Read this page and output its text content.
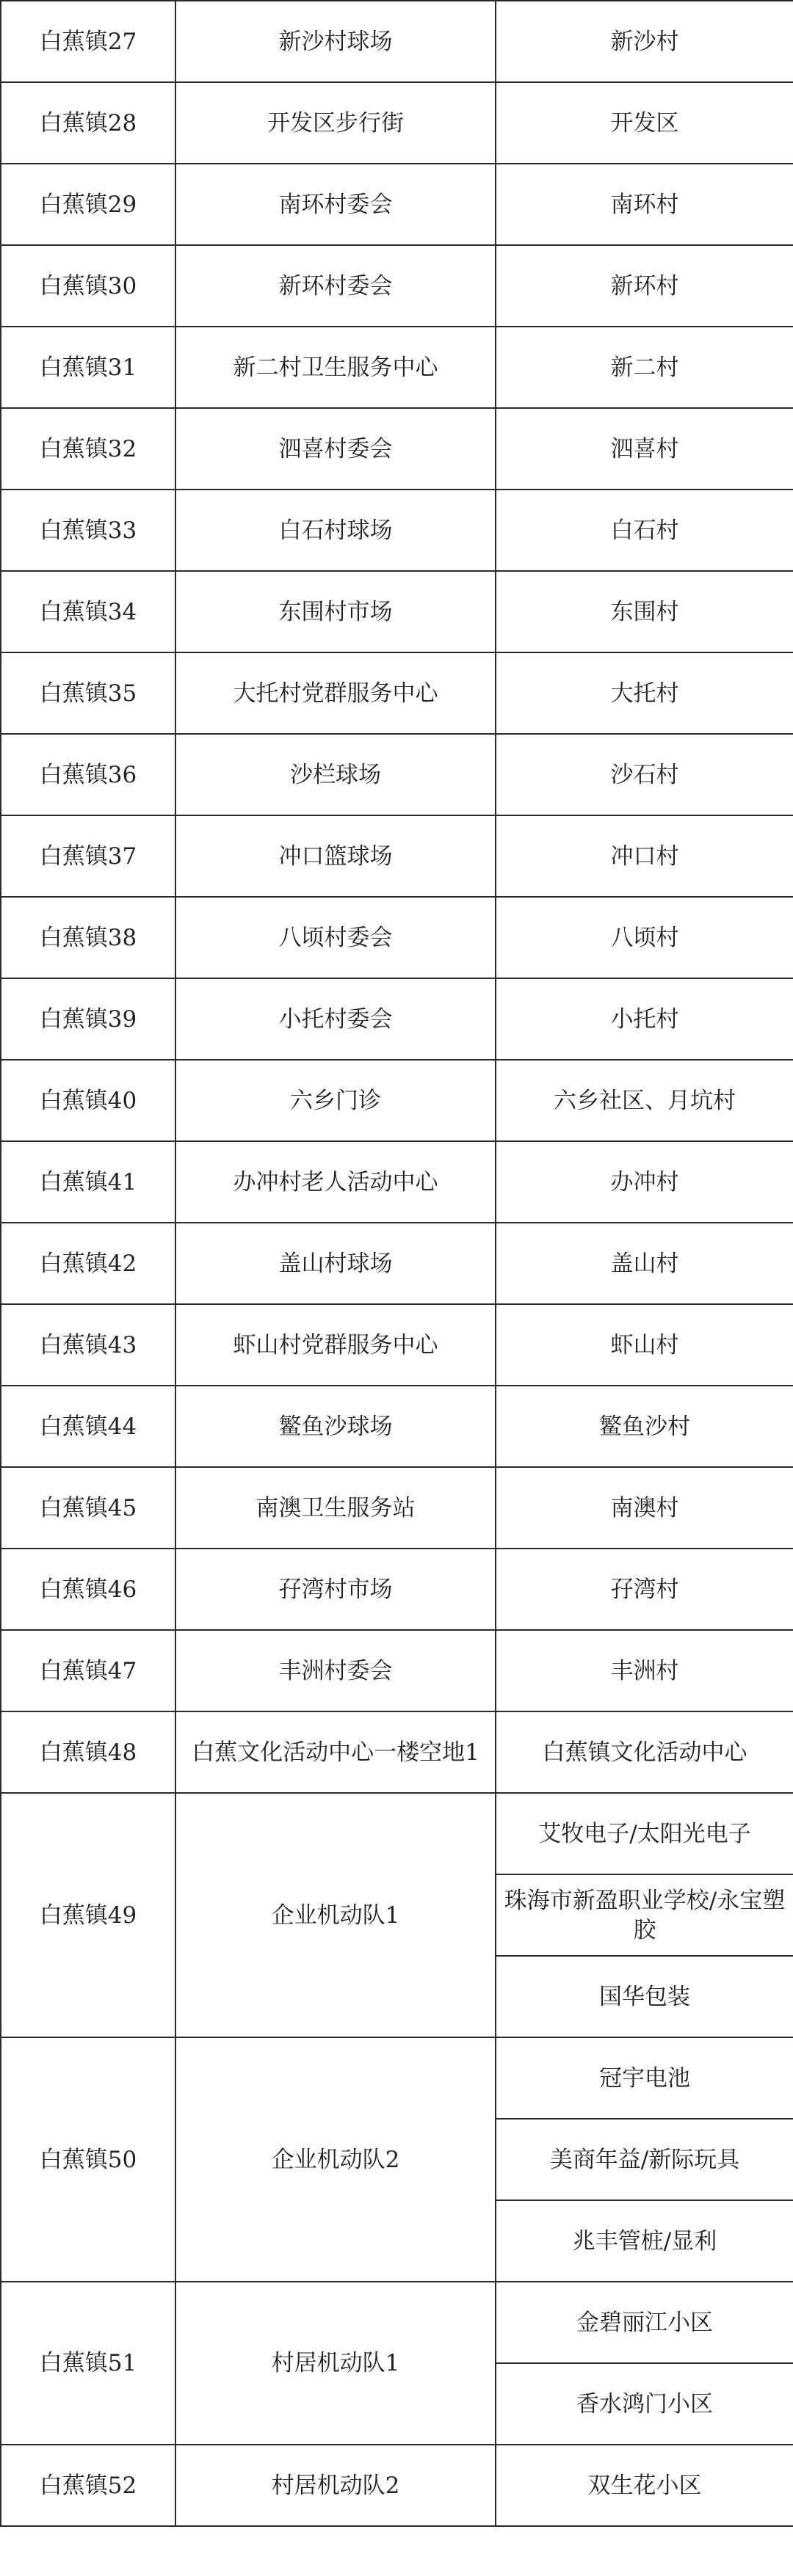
白蕉镇27	新沙村球场	新沙村
白蕉镇28	开发区步行街	开发区
白蕉镇29	南环村委会	南环村
白蕉镇30	新环村委会	新环村
白蕉镇31	新二村卫生服务中心	新二村
白蕉镇32	泗喜村委会	泗喜村
白蕉镇33	白石村球场	白石村
白蕉镇34	东围村市场	东围村
白蕉镇35	大托村党群服务中心	大托村
白蕉镇36	沙栏球场	沙石村
白蕉镇37	冲口篮球场	冲口村
白蕉镇38	八顷村委会	八顷村
白蕉镇39	小托村委会	小托村
白蕉镇40	六乡门诊	六乡社区、月坑村
白蕉镇41	办冲村老人活动中心	办冲村
白蕉镇42	盖山村球场	盖山村
白蕉镇43	虾山村党群服务中心	虾山村
白蕉镇44	鳘鱼沙球场	鳘鱼沙村
白蕉镇45	南澳卫生服务站	南澳村
白蕉镇46	孖湾村市场	孖湾村
白蕉镇47	丰洲村委会	丰洲村
白蕉镇48	白蕉文化活动中心一楼空地1	白蕉镇文化活动中心
白蕉镇49	企业机动队1	艾牧电子/太阳光电子
		珠海市新盈职业学校/永宝塑胶
		国华包装
白蕉镇50	企业机动队2	冠宇电池
		美商年益/新际玩具
		兆丰管桩/显利
白蕉镇51	村居机动队1	金碧丽江小区
		香水鸿门小区
白蕉镇52	村居机动队2	双生花小区
